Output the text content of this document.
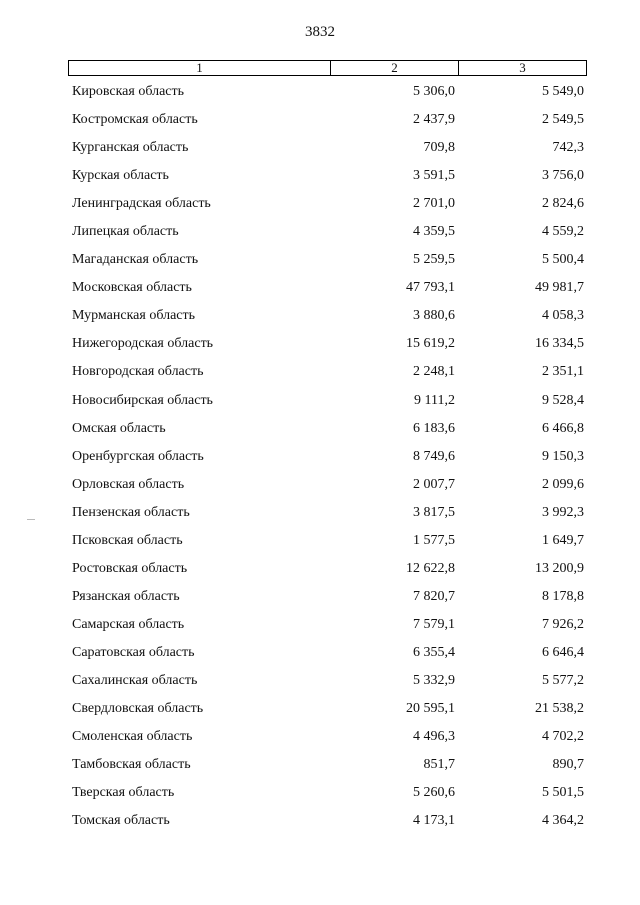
3832
1	2	3
Кировская область	5 306,0	5 549,0
Костромская область	2 437,9	2 549,5
Курганская область	709,8	742,3
Курская область	3 591,5	3 756,0
Ленинградская область	2 701,0	2 824,6
Липецкая область	4 359,5	4 559,2
Магаданская область	5 259,5	5 500,4
Московская область	47 793,1	49 981,7
Мурманская область	3 880,6	4 058,3
Нижегородская область	15 619,2	16 334,5
Новгородская область	2 248,1	2 351,1
Новосибирская область	9 111,2	9 528,4
Омская область	6 183,6	6 466,8
Оренбургская область	8 749,6	9 150,3
Орловская область	2 007,7	2 099,6
Пензенская область	3 817,5	3 992,3
Псковская область	1 577,5	1 649,7
Ростовская область	12 622,8	13 200,9
Рязанская область	7 820,7	8 178,8
Самарская область	7 579,1	7 926,2
Саратовская область	6 355,4	6 646,4
Сахалинская область	5 332,9	5 577,2
Свердловская область	20 595,1	21 538,2
Смоленская область	4 496,3	4 702,2
Тамбовская область	851,7	890,7
Тверская область	5 260,6	5 501,5
Томская область	4 173,1	4 364,2
